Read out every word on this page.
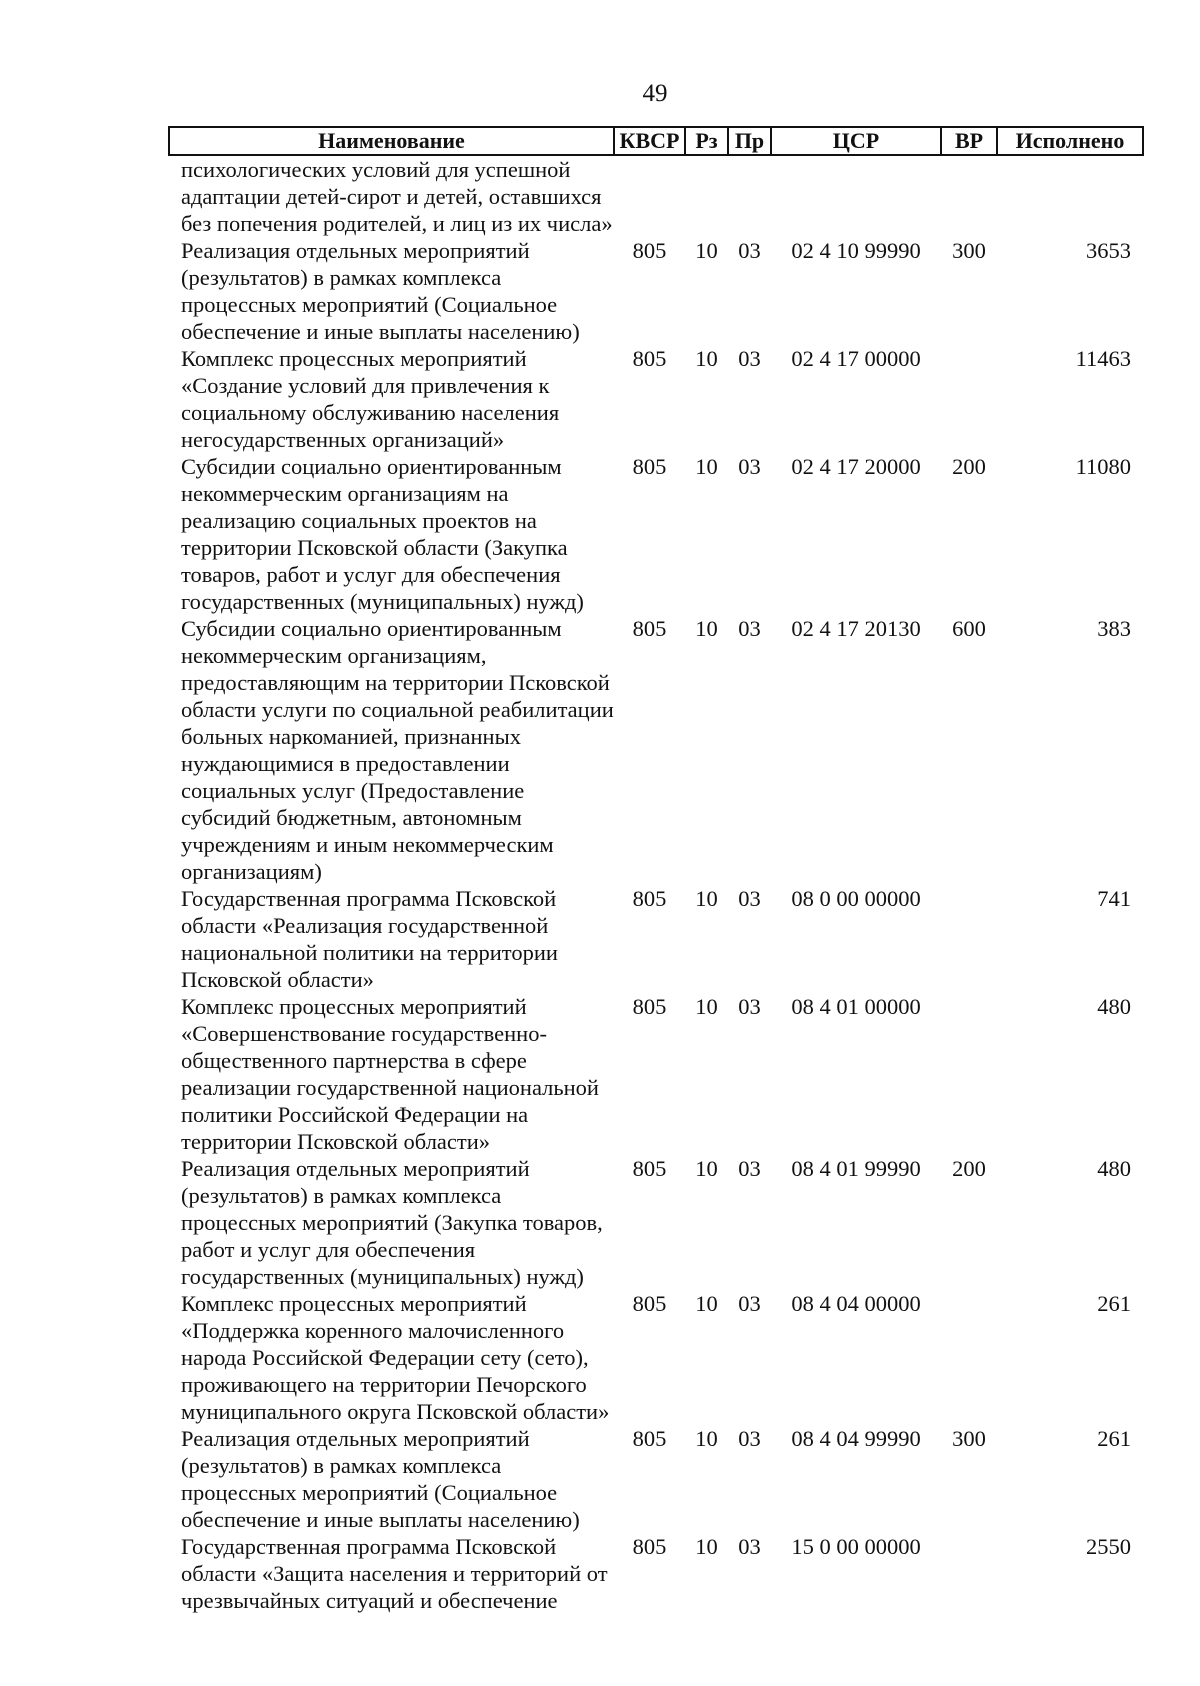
49
Наименование	КВСР	Рз	Пр	ЦСР	ВР	Исполнено
психологических условий для успешной адаптации детей-сирот и детей, оставшихся без попечения родителей, и лиц из их числа»						
Реализация отдельных мероприятий (результатов) в рамках комплекса процессных мероприятий (Социальное обеспечение и иные выплаты населению)	805	10	03	02 4 10 99990	300	3653
Комплекс процессных мероприятий «Создание условий для привлечения к социальному обслуживанию населения негосударственных организаций»	805	10	03	02 4 17 00000		11463
Субсидии социально ориентированным некоммерческим организациям на реализацию социальных проектов на территории Псковской области (Закупка товаров, работ и услуг для обеспечения государственных (муниципальных) нужд)	805	10	03	02 4 17 20000	200	11080
Субсидии социально ориентированным некоммерческим организациям, предоставляющим на территории Псковской области услуги по социальной реабилитации больных наркоманией, признанных нуждающимися в предоставлении социальных услуг (Предоставление субсидий бюджетным, автономным учреждениям и иным некоммерческим организациям)	805	10	03	02 4 17 20130	600	383
Государственная программа Псковской области «Реализация государственной национальной политики на территории Псковской области»	805	10	03	08 0 00 00000		741
Комплекс процессных мероприятий «Совершенствование государственно-общественного партнерства в сфере реализации государственной национальной политики Российской Федерации на территории Псковской области»	805	10	03	08 4 01 00000		480
Реализация отдельных мероприятий (результатов) в рамках комплекса процессных мероприятий (Закупка товаров, работ и услуг для обеспечения государственных (муниципальных) нужд)	805	10	03	08 4 01 99990	200	480
Комплекс процессных мероприятий «Поддержка коренного малочисленного народа Российской Федерации сету (сето), проживающего на территории Печорского муниципального округа Псковской области»	805	10	03	08 4 04 00000		261
Реализация отдельных мероприятий (результатов) в рамках комплекса процессных мероприятий (Социальное обеспечение и иные выплаты населению)	805	10	03	08 4 04 99990	300	261
Государственная программа Псковской области «Защита населения и территорий от чрезвычайных ситуаций и обеспечение	805	10	03	15 0 00 00000		2550
